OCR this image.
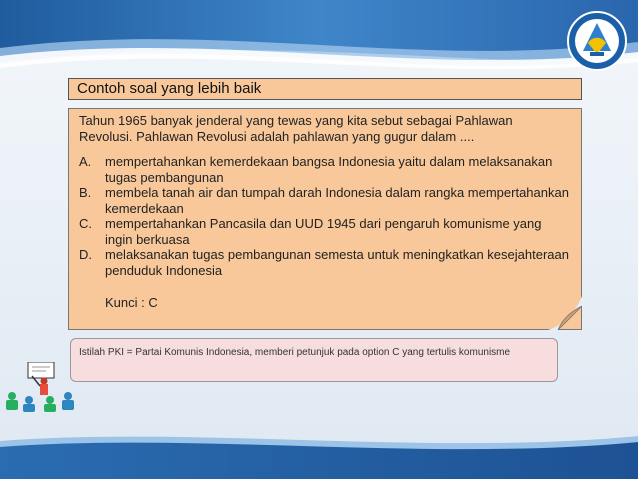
Contoh soal yang lebih baik
Tahun 1965 banyak jenderal yang tewas yang kita sebut sebagai Pahlawan Revolusi. Pahlawan Revolusi adalah pahlawan yang gugur dalam ....
A. mempertahankan kemerdekaan bangsa Indonesia yaitu dalam melaksanakan tugas pembangunan
B. membela tanah air dan tumpah darah Indonesia dalam rangka mempertahankan kemerdekaan
C. mempertahankan Pancasila dan UUD 1945 dari pengaruh komunisme yang ingin berkuasa
D. melaksanakan tugas pembangunan semesta untuk meningkatkan kesejahteraan penduduk Indonesia
Kunci : C
Istilah PKI = Partai Komunis Indonesia, memberi petunjuk pada option C yang tertulis komunisme
